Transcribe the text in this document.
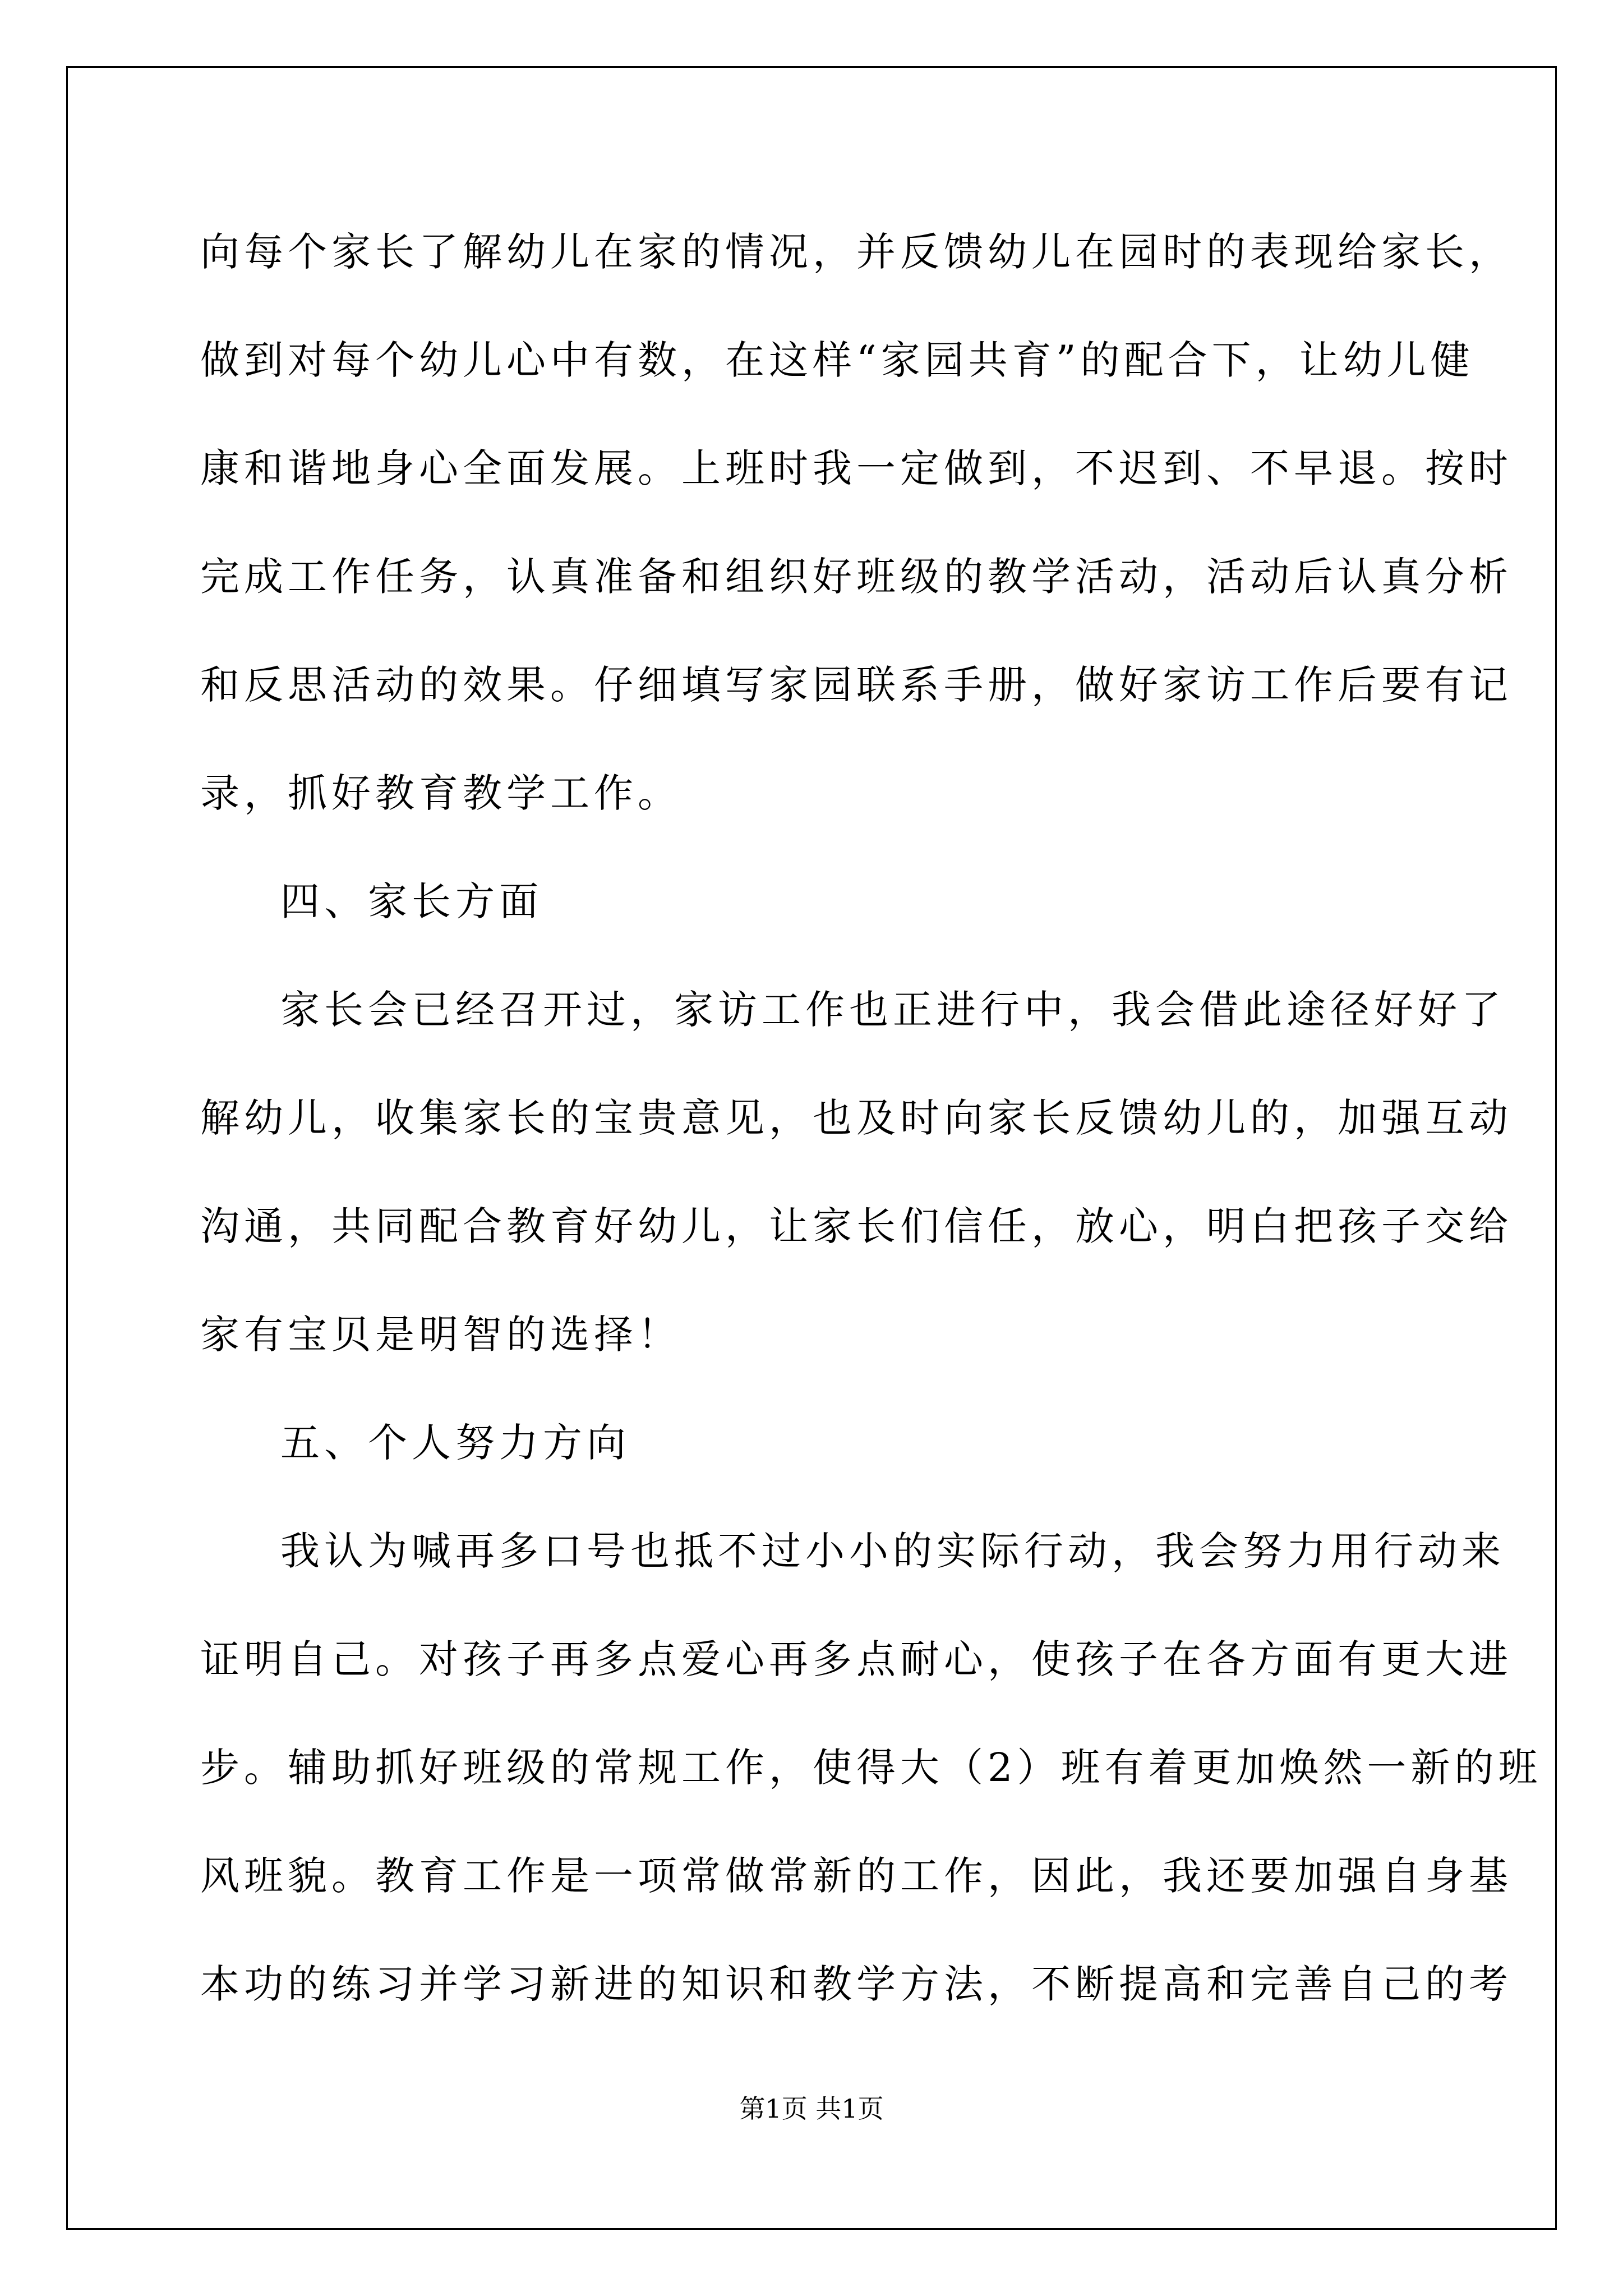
向每个家长了解幼儿在家的情况，并反馈幼儿在园时的表现给家长，
做到对每个幼儿心中有数，在这样“家园共育”的配合下，让幼儿健
康和谐地身心全面发展。上班时我一定做到，不迟到、不早退。按时
完成工作任务，认真准备和组织好班级的教学活动，活动后认真分析
和反思活动的效果。仔细填写家园联系手册，做好家访工作后要有记
录，抓好教育教学工作。
四、家长方面
家长会已经召开过，家访工作也正进行中，我会借此途径好好了
解幼儿，收集家长的宝贵意见，也及时向家长反馈幼儿的，加强互动
沟通，共同配合教育好幼儿，让家长们信任，放心，明白把孩子交给
家有宝贝是明智的选择！
五、个人努力方向
我认为喊再多口号也抵不过小小的实际行动，我会努力用行动来
证明自己。对孩子再多点爱心再多点耐心，使孩子在各方面有更大进
步。辅助抓好班级的常规工作，使得大（2）班有着更加焕然一新的班
风班貌。教育工作是一项常做常新的工作，因此，我还要加强自身基
本功的练习并学习新进的知识和教学方法，不断提高和完善自己的考
第1页 共1页
